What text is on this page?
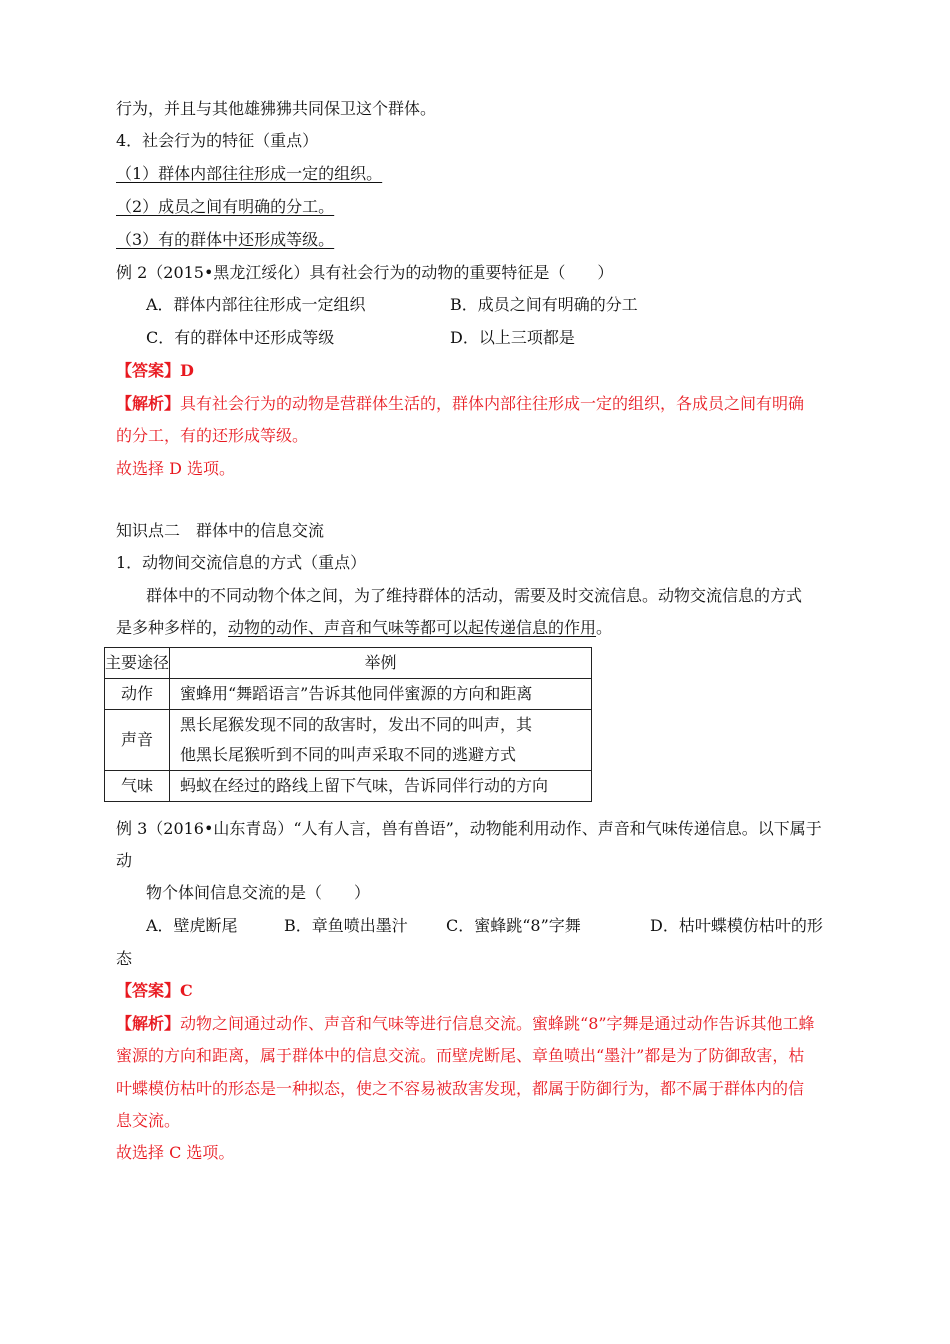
行为，并且与其他雄狒狒共同保卫这个群体。
4．社会行为的特征（重点）
（1）群体内部往往形成一定的组织。
（2）成员之间有明确的分工。
（3）有的群体中还形成等级。
例 2（2015•黑龙江绥化）具有社会行为的动物的重要特征是（　　）
A．群体内部往往形成一定组织	B．成员之间有明确的分工
C．有的群体中还形成等级	D．以上三项都是
【答案】D
【解析】具有社会行为的动物是营群体生活的，群体内部往往形成一定的组织，各成员之间有明确
的分工，有的还形成等级。
故选择 D 选项。
知识点二　群体中的信息交流
1．动物间交流信息的方式（重点）
群体中的不同动物个体之间，为了维持群体的活动，需要及时交流信息。动物交流信息的方式
是多种多样的，动物的动作、声音和气味等都可以起传递信息的作用。
主要途径	举例
动作	蜜蜂用“舞蹈语言”告诉其他同伴蜜源的方向和距离

声音	黑长尾猴发现不同的敌害时，发出不同的叫声，其
他黑长尾猴听到不同的叫声采取不同的逃避方式

气味	蚂蚁在经过的路线上留下气味，告诉同伴行动的方向
例 3（2016•山东青岛）“人有人言，兽有兽语”，动物能利用动作、声音和气味传递信息。以下属于
动
物个体间信息交流的是（　　）
A．壁虎断尾	B．章鱼喷出墨汁 C．蜜蜂跳“8”字舞	D．枯叶蝶模仿枯叶的形
态
【答案】C
【解析】动物之间通过动作、声音和气味等进行信息交流。蜜蜂跳“8”字舞是通过动作告诉其他工蜂
蜜源的方向和距离，属于群体中的信息交流。而壁虎断尾、章鱼喷出“墨汁”都是为了防御敌害，枯
叶蝶模仿枯叶的形态是一种拟态，使之不容易被敌害发现，都属于防御行为，都不属于群体内的信
息交流。
故选择 C 选项。
